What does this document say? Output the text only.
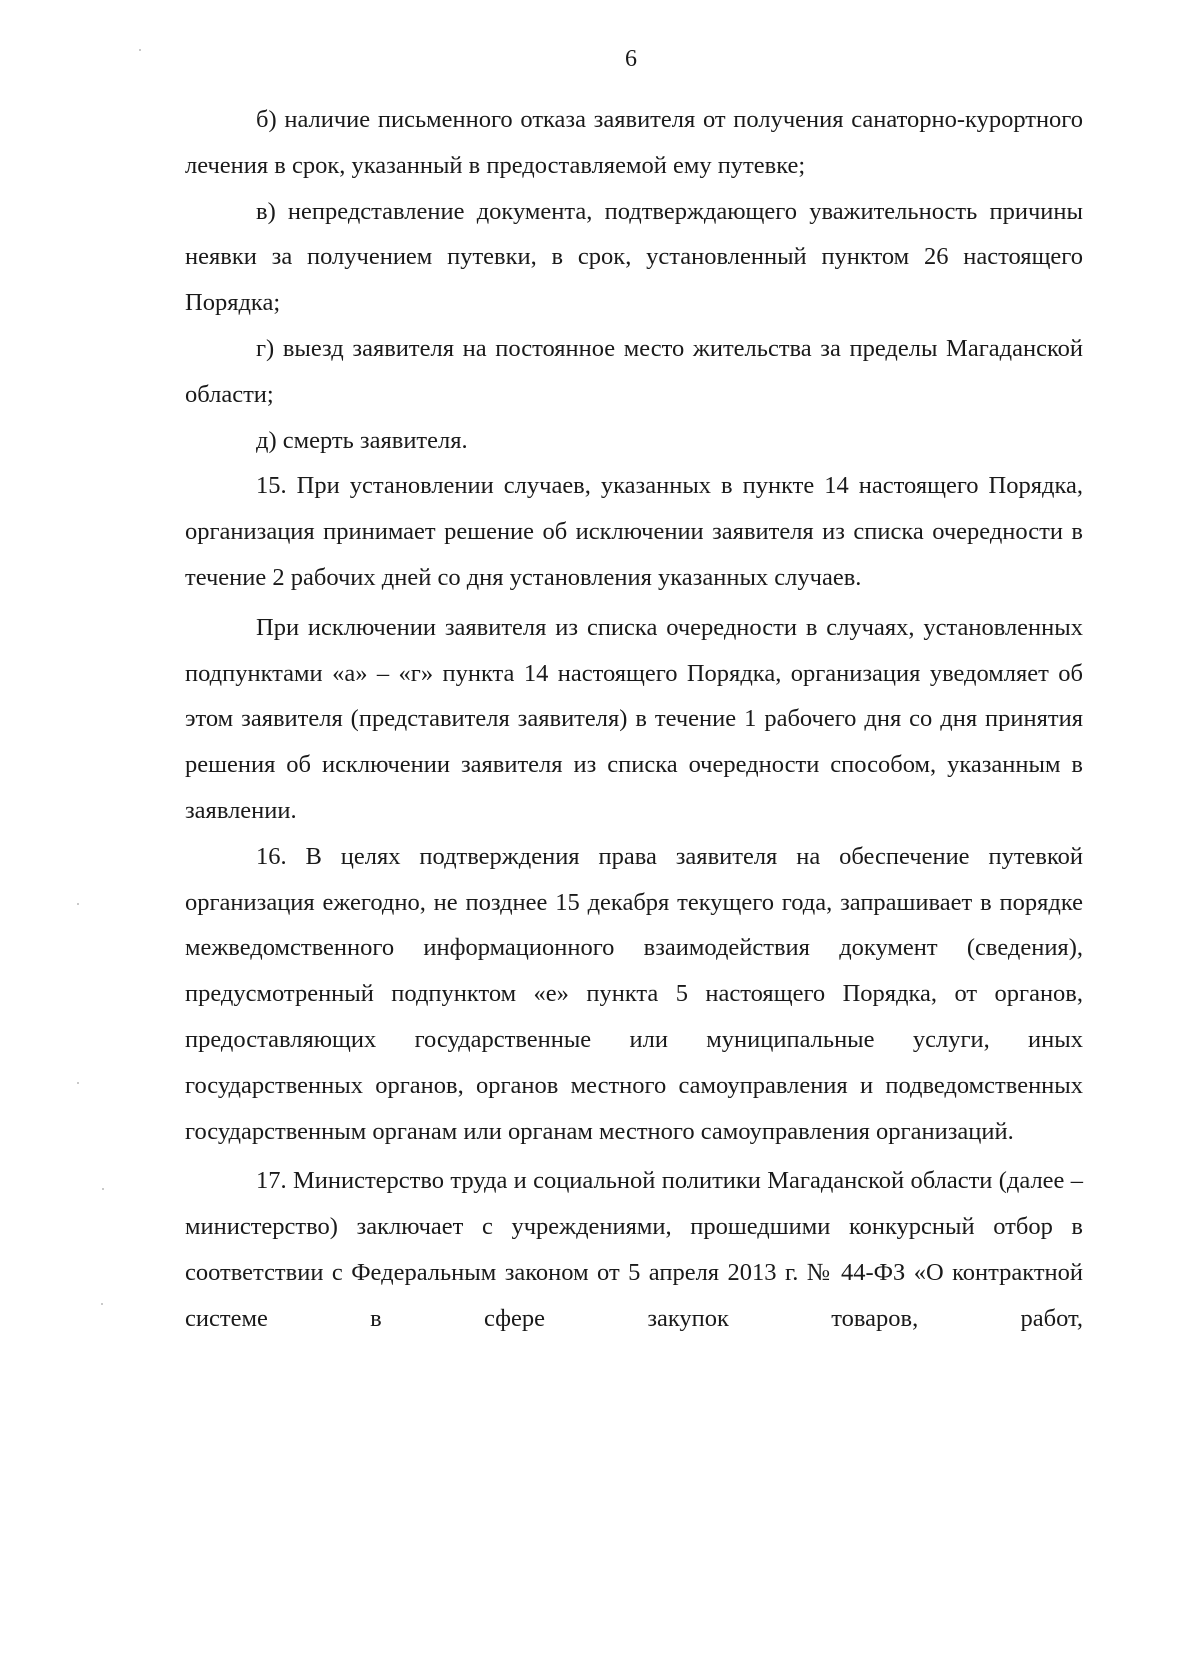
6

б) наличие письменного отказа заявителя от получения санаторно-курортного лечения в срок, указанный в предоставляемой ему путевке;

в) непредставление документа, подтверждающего уважительность причины неявки за получением путевки, в срок, установленный пунктом 26 настоящего Порядка;

г) выезд заявителя на постоянное место жительства за пределы Магаданской области;

д) смерть заявителя.

15. При установлении случаев, указанных в пункте 14 настоящего Порядка, организация принимает решение об исключении заявителя из списка очередности в течение 2 рабочих дней со дня установления указанных случаев.

При исключении заявителя из списка очередности в случаях, установленных подпунктами «а» – «г» пункта 14 настоящего Порядка, организация уведомляет об этом заявителя (представителя заявителя) в течение 1 рабочего дня со дня принятия решения об исключении заявителя из списка очередности способом, указанным в заявлении.

16. В целях подтверждения права заявителя на обеспечение путевкой организация ежегодно, не позднее 15 декабря текущего года, запрашивает в порядке межведомственного информационного взаимодействия документ (сведения), предусмотренный подпунктом «е» пункта 5 настоящего Порядка, от органов, предоставляющих государственные или муниципальные услуги, иных государственных органов, органов местного самоуправления и подведомственных государственным органам или органам местного самоуправления организаций.

17. Министерство труда и социальной политики Магаданской области (далее – министерство) заключает с учреждениями, прошедшими конкурсный отбор в соответствии с Федеральным законом от 5 апреля 2013 г. № 44-ФЗ «О контрактной системе в сфере закупок товаров, работ,
